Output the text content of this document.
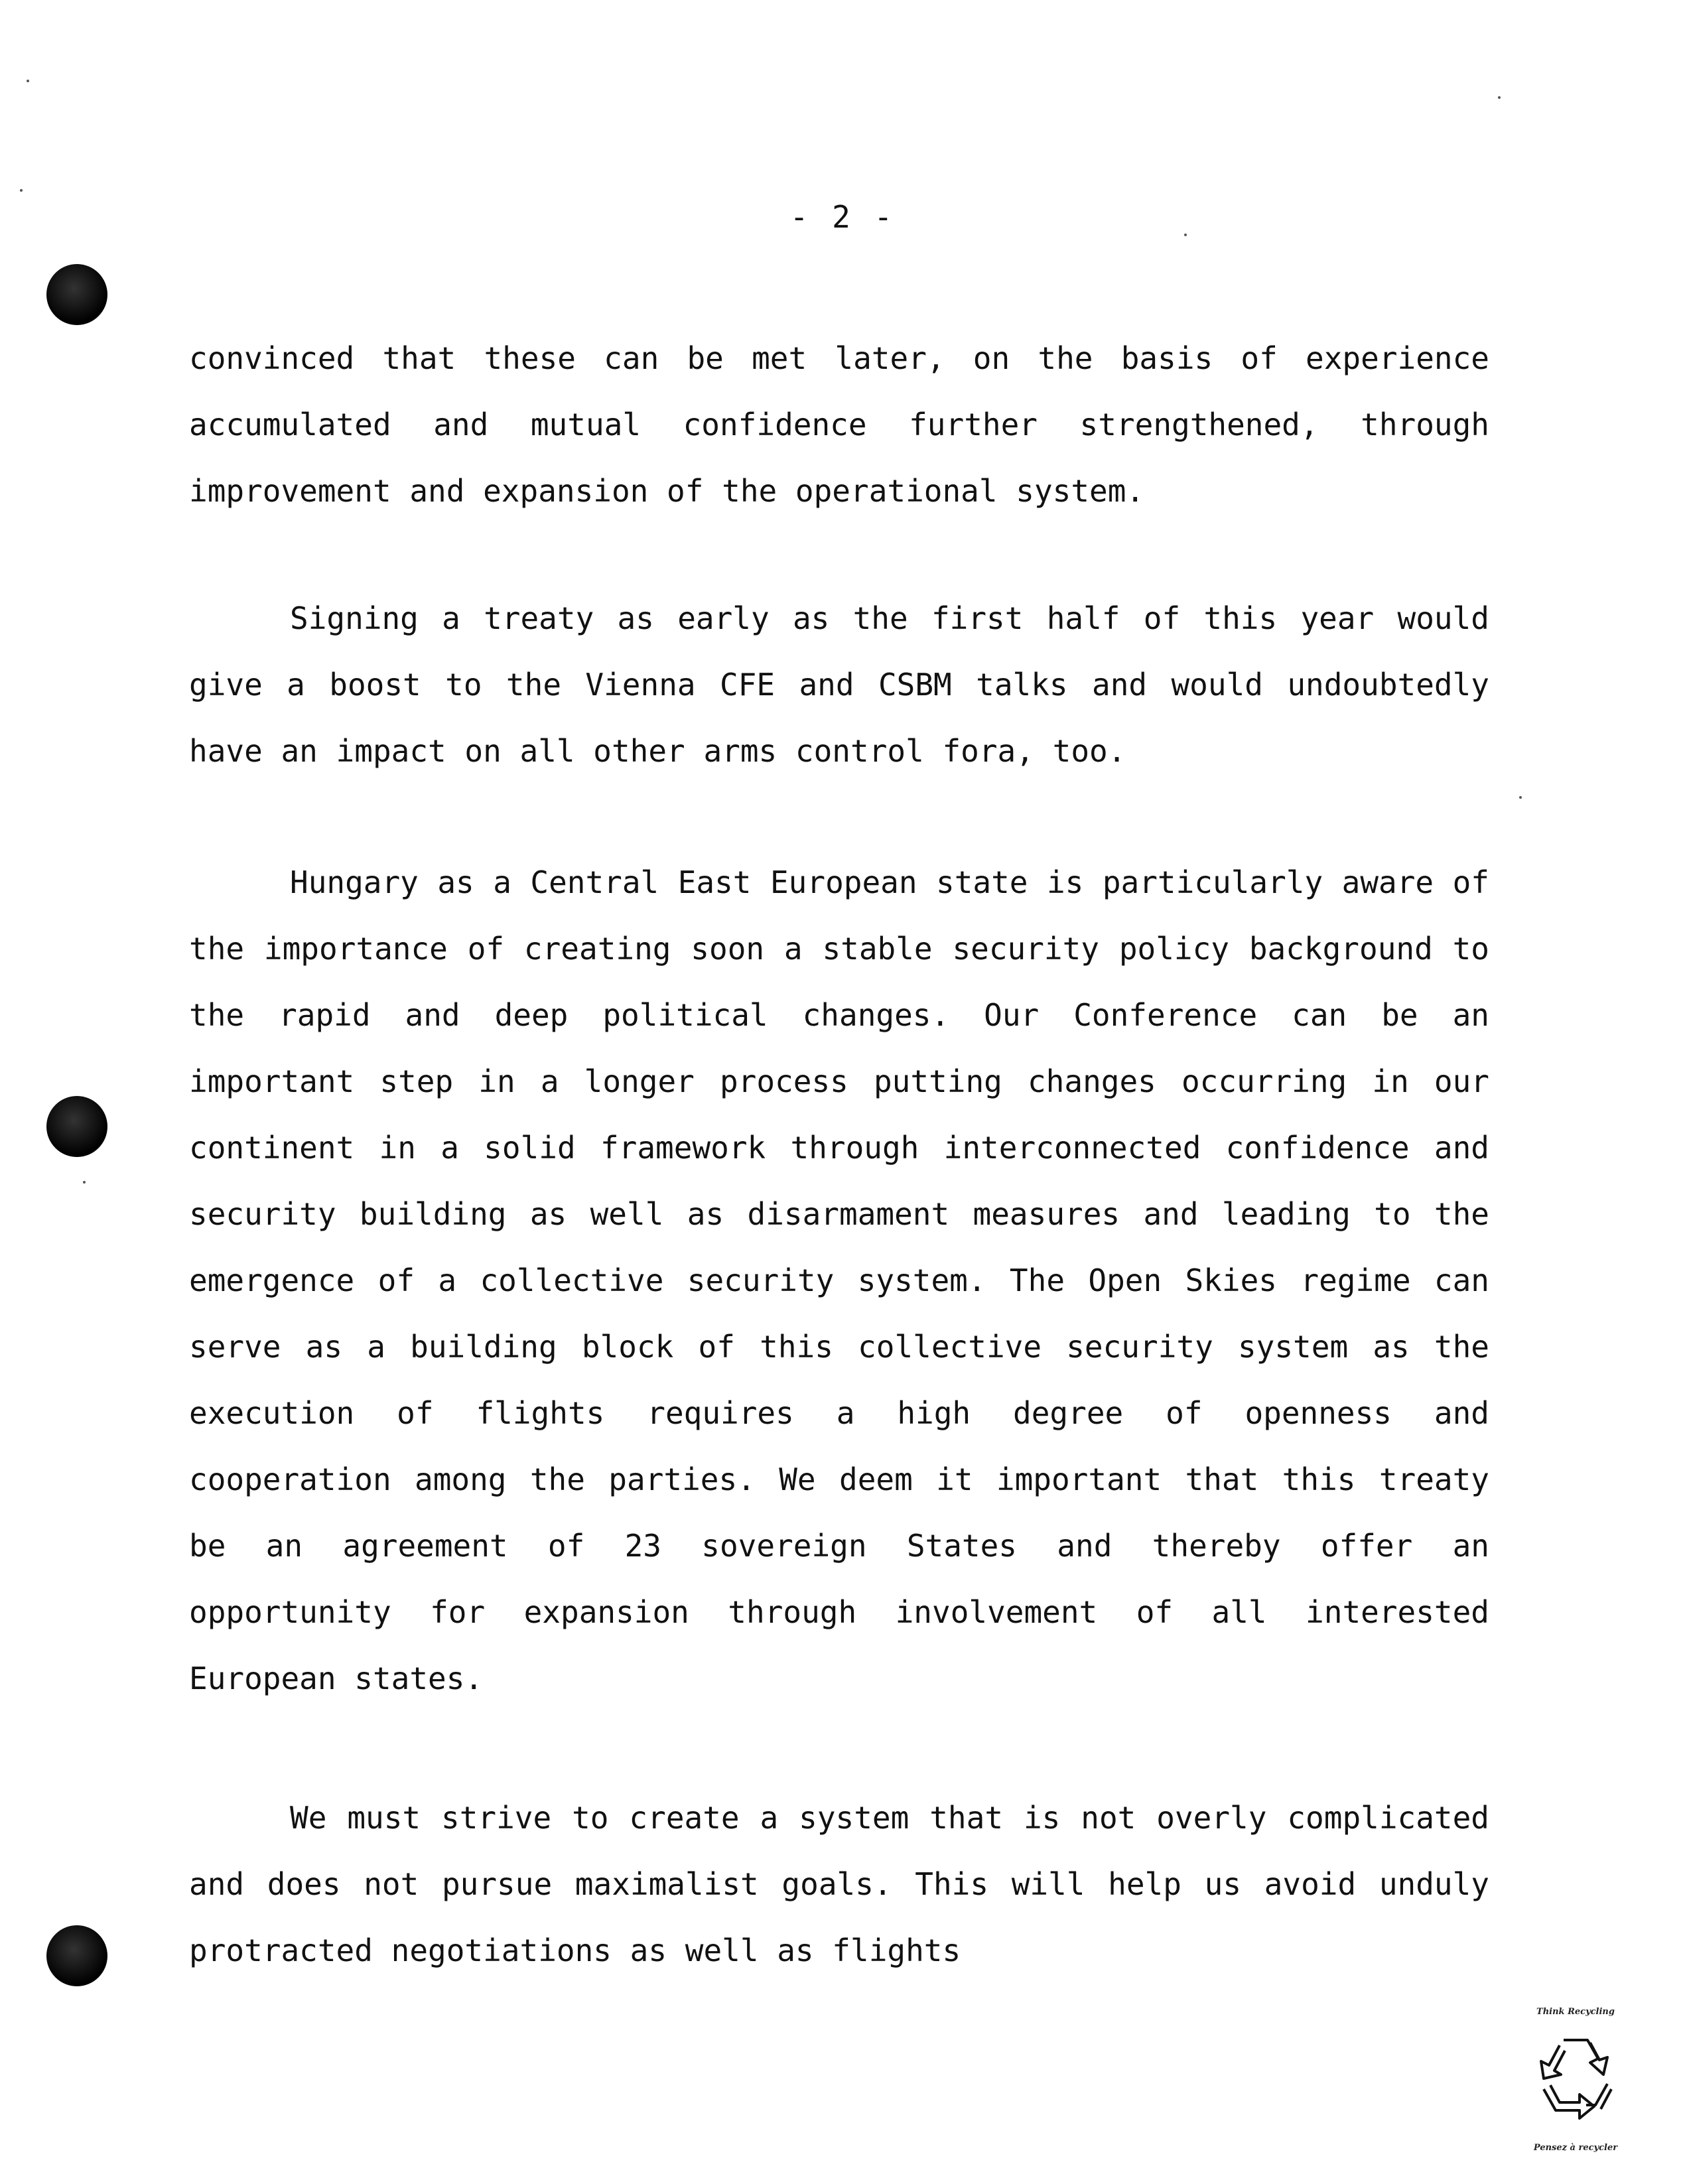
- 2 -
convinced that these can be met later, on the basis of experience accumulated and mutual confidence further strengthened, through improvement and expansion of the operational system.
Signing a treaty as early as the first half of this year would give a boost to the Vienna CFE and CSBM talks and would undoubtedly have an impact on all other arms control fora, too.
Hungary as a Central East European state is particularly aware of the importance of creating soon a stable security policy background to the rapid and deep political changes. Our Conference can be an important step in a longer process putting changes occurring in our continent in a solid framework through interconnected confidence and security building as well as disarmament measures and leading to the emergence of a collective security system. The Open Skies regime can serve as a building block of this collective security system as the execution of flights requires a high degree of openness and cooperation among the parties. We deem it important that this treaty be an agreement of 23 sovereign States and thereby offer an opportunity for expansion through involvement of all interested European states.
We must strive to create a system that is not overly complicated and does not pursue maximalist goals. This will help us avoid unduly protracted negotiations as well as flights
Think Recycling
Pensez à recycler
